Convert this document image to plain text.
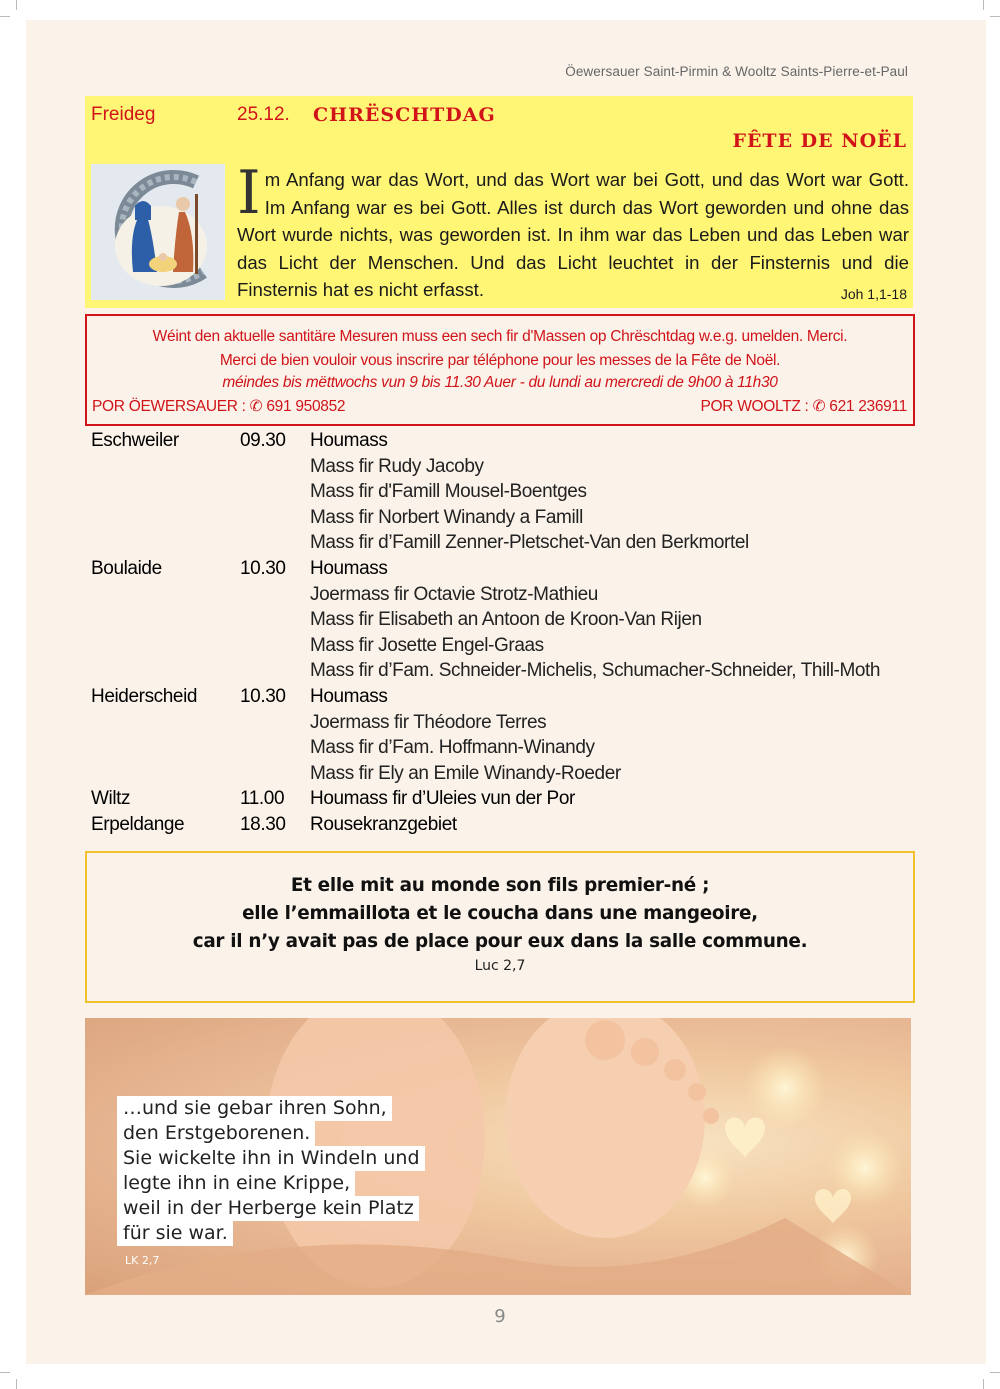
Öewersauer Saint-Pirmin & Wooltz Saints-Pierre-et-Paul
Freideg	25.12. CHRËSCHTDAG
FÊTE DE NOËL
Im Anfang war das Wort, und das Wort war bei Gott, und das Wort war Gott. Im Anfang war es bei Gott. Alles ist durch das Wort geworden und ohne das Wort wurde nichts, was geworden ist. In ihm war das Leben und das Leben war das Licht der Menschen. Und das Licht leuchtet in der Finsternis und die Finsternis hat es nicht erfasst.	Joh 1,1-18
Wéint den aktuelle santitäre Mesuren muss een sech fir d'Massen op Chrëschtdag w.e.g. umelden. Merci.
Merci de bien vouloir vous inscrire par téléphone pour les messes de la Fête de Noël.
méindes bis mëttwochs vun 9 bis 11.30 Auer - du lundi au mercredi de 9h00 à 11h30
POR ÖEWERSAUER : ✆ 691 950852	POR WOOLTZ : ✆ 621 236911
Eschweiler	09.30 Houmass
Mass fir Rudy Jacoby
Mass fir d'Famill Mousel-Boentges
Mass fir Norbert Winandy a Famill
Mass fir d’Famill Zenner-Pletschet-Van den Berkmortel
Boulaide	10.30 Houmass
Joermass fir Octavie Strotz-Mathieu
Mass fir Elisabeth an Antoon de Kroon-Van Rijen
Mass fir Josette Engel-Graas
Mass fir d’Fam. Schneider-Michelis, Schumacher-Schneider, Thill-Moth
Heiderscheid 10.30 Houmass
Joermass fir Théodore Terres
Mass fir d’Fam. Hoffmann-Winandy
Mass fir Ely an Emile Winandy-Roeder
Wiltz	11.00 Houmass fir d’Uleies vun der Por
Erpeldange	18.30 Rousekranzgebiet
Et elle mit au monde son fils premier-né ;
elle l’emmaillota et le coucha dans une mangeoire,
car il n’y avait pas de place pour eux dans la salle commune.
Luc 2,7
…und sie gebar ihren Sohn,
den Erstgeborenen.
Sie wickelte ihn in Windeln und
legte ihn in eine Krippe,
weil in der Herberge kein Platz
für sie war.
LK 2,7
9
